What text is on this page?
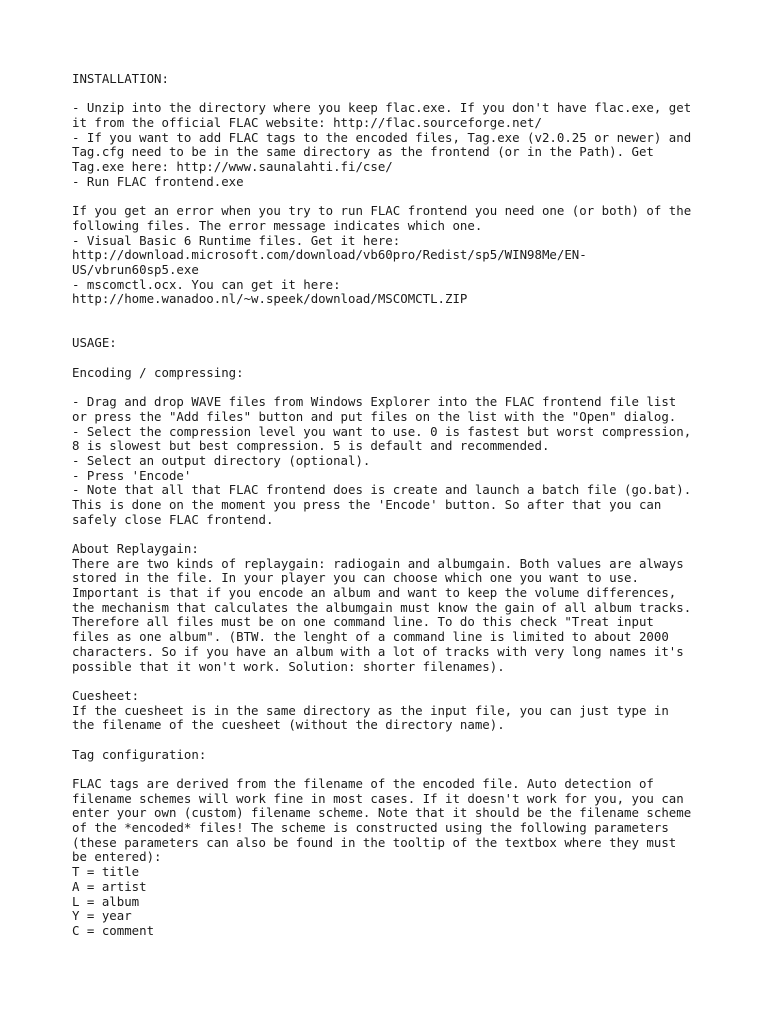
INSTALLATION:
- Unzip into the directory where you keep flac.exe. If you don't have flac.exe, get
it from the official FLAC website: http://flac.sourceforge.net/
- If you want to add FLAC tags to the encoded files, Tag.exe (v2.0.25 or newer) and
Tag.cfg need to be in the same directory as the frontend (or in the Path). Get
Tag.exe here: http://www.saunalahti.fi/cse/
- Run FLAC frontend.exe
If you get an error when you try to run FLAC frontend you need one (or both) of the
following files. The error message indicates which one.
- Visual Basic 6 Runtime files. Get it here:
http://download.microsoft.com/download/vb60pro/Redist/sp5/WIN98Me/EN-
US/vbrun60sp5.exe
- mscomctl.ocx. You can get it here:
http://home.wanadoo.nl/~w.speek/download/MSCOMCTL.ZIP
USAGE:
Encoding / compressing:
- Drag and drop WAVE files from Windows Explorer into the FLAC frontend file list
or press the "Add files" button and put files on the list with the "Open" dialog.
- Select the compression level you want to use. 0 is fastest but worst compression,
8 is slowest but best compression. 5 is default and recommended.
- Select an output directory (optional).
- Press 'Encode'
- Note that all that FLAC frontend does is create and launch a batch file (go.bat).
This is done on the moment you press the 'Encode' button. So after that you can
safely close FLAC frontend.
About Replaygain:
There are two kinds of replaygain: radiogain and albumgain. Both values are always
stored in the file. In your player you can choose which one you want to use.
Important is that if you encode an album and want to keep the volume differences,
the mechanism that calculates the albumgain must know the gain of all album tracks.
Therefore all files must be on one command line. To do this check "Treat input
files as one album". (BTW. the lenght of a command line is limited to about 2000
characters. So if you have an album with a lot of tracks with very long names it's
possible that it won't work. Solution: shorter filenames).
Cuesheet:
If the cuesheet is in the same directory as the input file, you can just type in
the filename of the cuesheet (without the directory name).
Tag configuration:
FLAC tags are derived from the filename of the encoded file. Auto detection of
filename schemes will work fine in most cases. If it doesn't work for you, you can
enter your own (custom) filename scheme. Note that it should be the filename scheme
of the *encoded* files! The scheme is constructed using the following parameters
(these parameters can also be found in the tooltip of the textbox where they must
be entered):
T = title
A = artist
L = album
Y = year
C = comment
